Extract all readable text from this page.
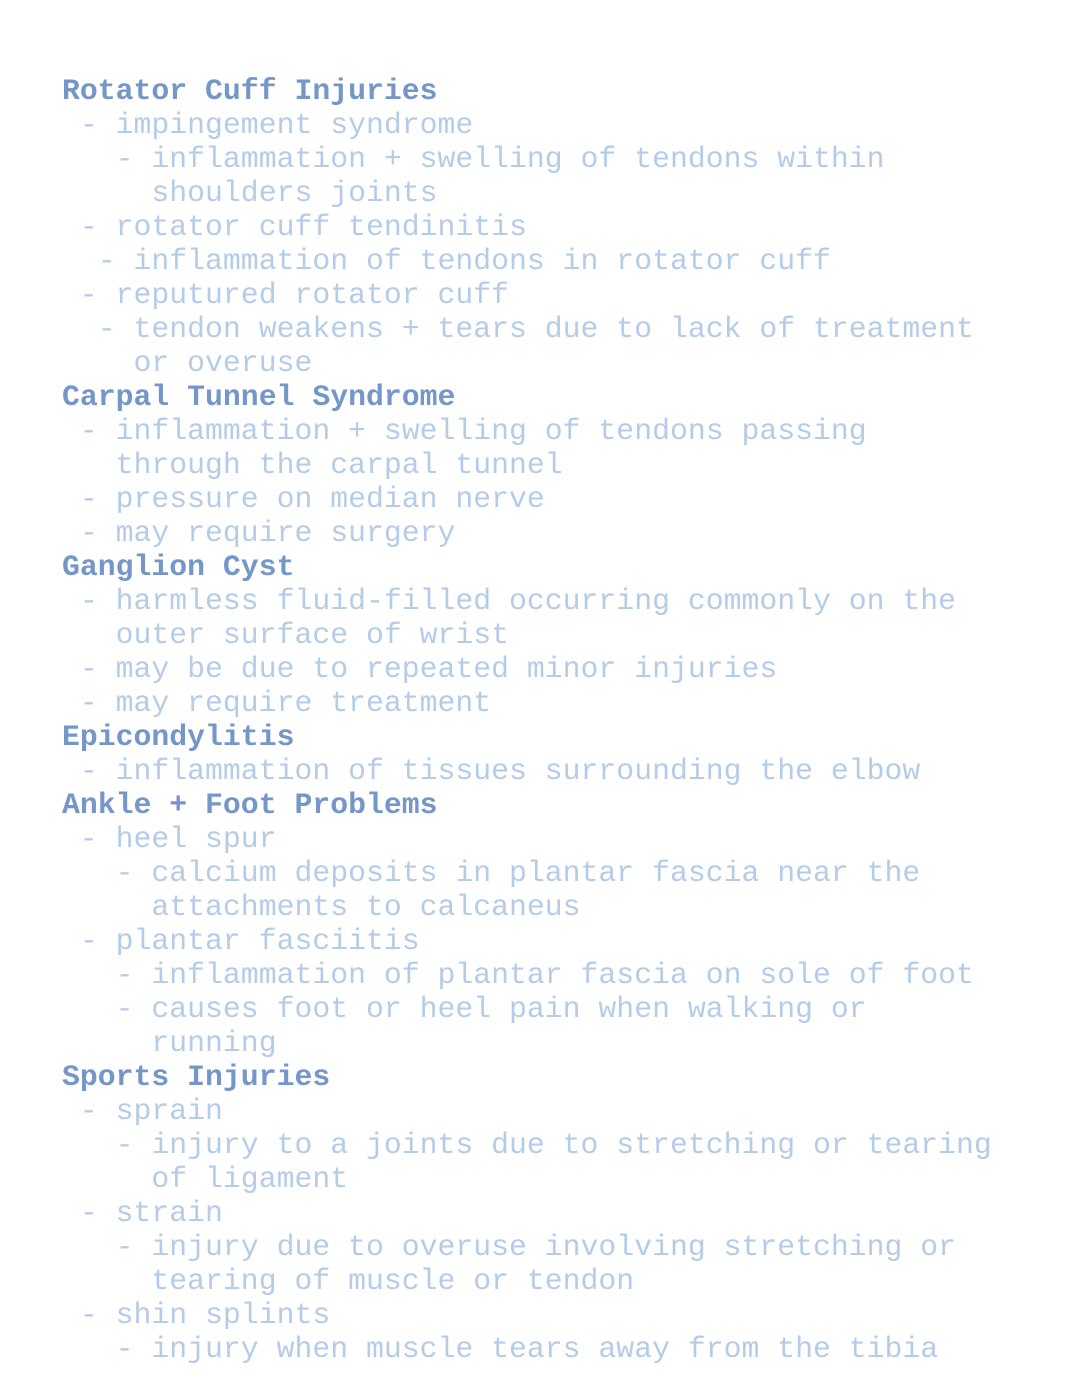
Rotator Cuff Injuries
- impingement syndrome
- inflammation + swelling of tendons within
shoulders joints
- rotator cuff tendinitis
- inflammation of tendons in rotator cuff
- reputured rotator cuff
- tendon weakens + tears due to lack of treatment
or overuse
Carpal Tunnel Syndrome
- inflammation + swelling of tendons passing
through the carpal tunnel
- pressure on median nerve
- may require surgery
Ganglion Cyst
- harmless fluid-filled occurring commonly on the
outer surface of wrist
- may be due to repeated minor injuries
- may require treatment
Epicondylitis
- inflammation of tissues surrounding the elbow
Ankle + Foot Problems
- heel spur
- calcium deposits in plantar fascia near the
attachments to calcaneus
- plantar fasciitis
- inflammation of plantar fascia on sole of foot
- causes foot or heel pain when walking or
running
Sports Injuries
- sprain
- injury to a joints due to stretching or tearing
of ligament
- strain
- injury due to overuse involving stretching or
tearing of muscle or tendon
- shin splints
- injury when muscle tears away from the tibia
